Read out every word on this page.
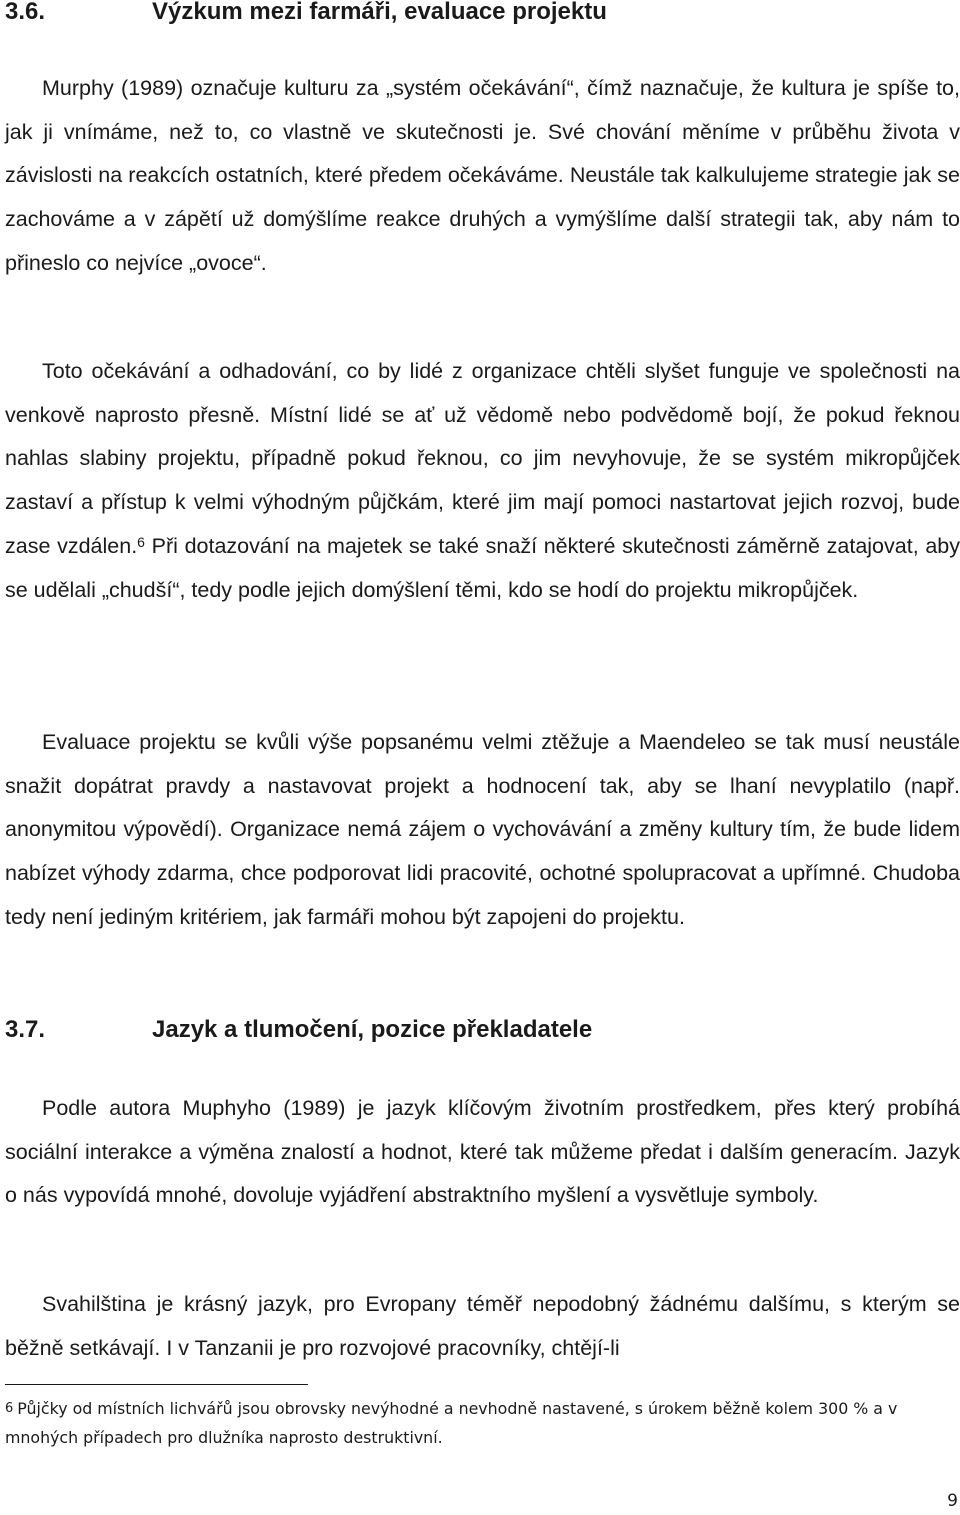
3.6.	Výzkum mezi farmáři, evaluace projektu

Murphy (1989) označuje kulturu za „systém očekávání“, čímž naznačuje, že kultura je spíše to, jak ji vnímáme, než to, co vlastně ve skutečnosti je. Své chování měníme v průběhu života v závislosti na reakcích ostatních, které předem očekáváme. Neustále tak kalkulujeme strategie jak se zachováme a v zápětí už domýšlíme reakce druhých a vymýšlíme další strategii tak, aby nám to přineslo co nejvíce „ovoce“.

Toto očekávání a odhadování, co by lidé z organizace chtěli slyšet funguje ve společnosti na venkově naprosto přesně. Místní lidé se ať už vědomě nebo podvědomě bojí, že pokud řeknou nahlas slabiny projektu, případně pokud řeknou, co jim nevyhovuje, že se systém mikropůjček zastaví a přístup k velmi výhodným půjčkám, které jim mají pomoci nastartovat jejich rozvoj, bude zase vzdálen.$^6$ Při dotazování na majetek se také snaží některé skutečnosti záměrně zatajovat, aby se udělali „chudší“, tedy podle jejich domýšlení těmi, kdo se hodí do projektu mikropůjček.

Evaluace projektu se kvůli výše popsanému velmi ztěžuje a Maendeleo se tak musí neustále snažit dopátrat pravdy a nastavovat projekt a hodnocení tak, aby se lhaní nevyplatilo (např. anonymitou výpovědí). Organizace nemá zájem o vychovávání a změny kultury tím, že bude lidem nabízet výhody zdarma, chce podporovat lidi pracovité, ochotné spolupracovat a upřímné. Chudoba tedy není jediným kritériem, jak farmáři mohou být zapojeni do projektu.

3.7.	Jazyk a tlumočení, pozice překladatele

Podle autora Muphyho (1989) je jazyk klíčovým životním prostředkem, přes který probíhá sociální interakce a výměna znalostí a hodnot, které tak můžeme předat i dalším generacím. Jazyk o nás vypovídá mnohé, dovoluje vyjádření abstraktního myšlení a vysvětluje symboly.

Svahilština je krásný jazyk, pro Evropany téměř nepodobný žádnému dalšímu, s kterým se běžně setkávají. I v Tanzanii je pro rozvojové pracovníky, chtějí-li

$^6$ Půjčky od místních lichvářů jsou obrovsky nevýhodné a nevhodně nastavené, s úrokem běžně kolem 300 % a v mnohých případech pro dlužníka naprosto destruktivní.

9
